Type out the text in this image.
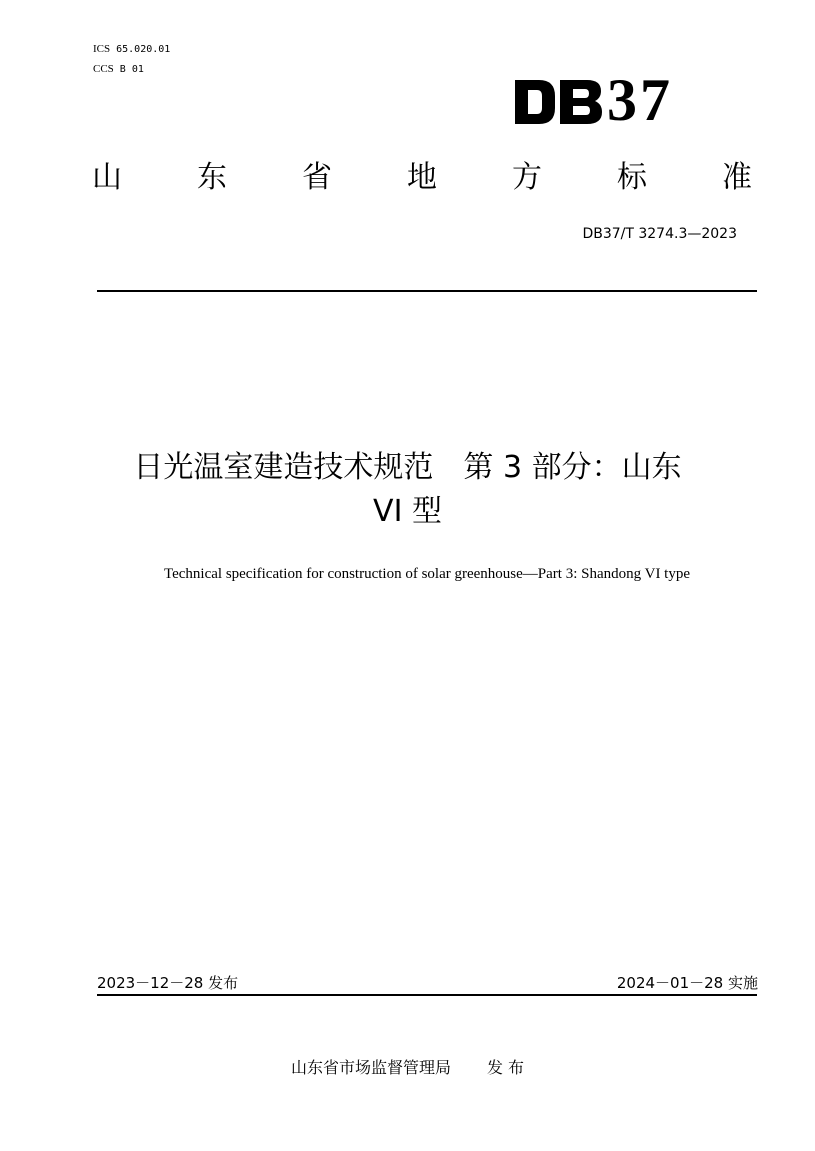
ICS 65.020.01
CCS B 01	37
山	东	省	地	方	标	准
DB37/T 3274.3—2023
日光温室建造技术规范　第 3 部分：山东
VI 型
Technical specification for construction of solar greenhouse—Part 3: Shandong VI type
2023－12－28 发布	2024－01－28 实施
山东省市场监督管理局 发 布
